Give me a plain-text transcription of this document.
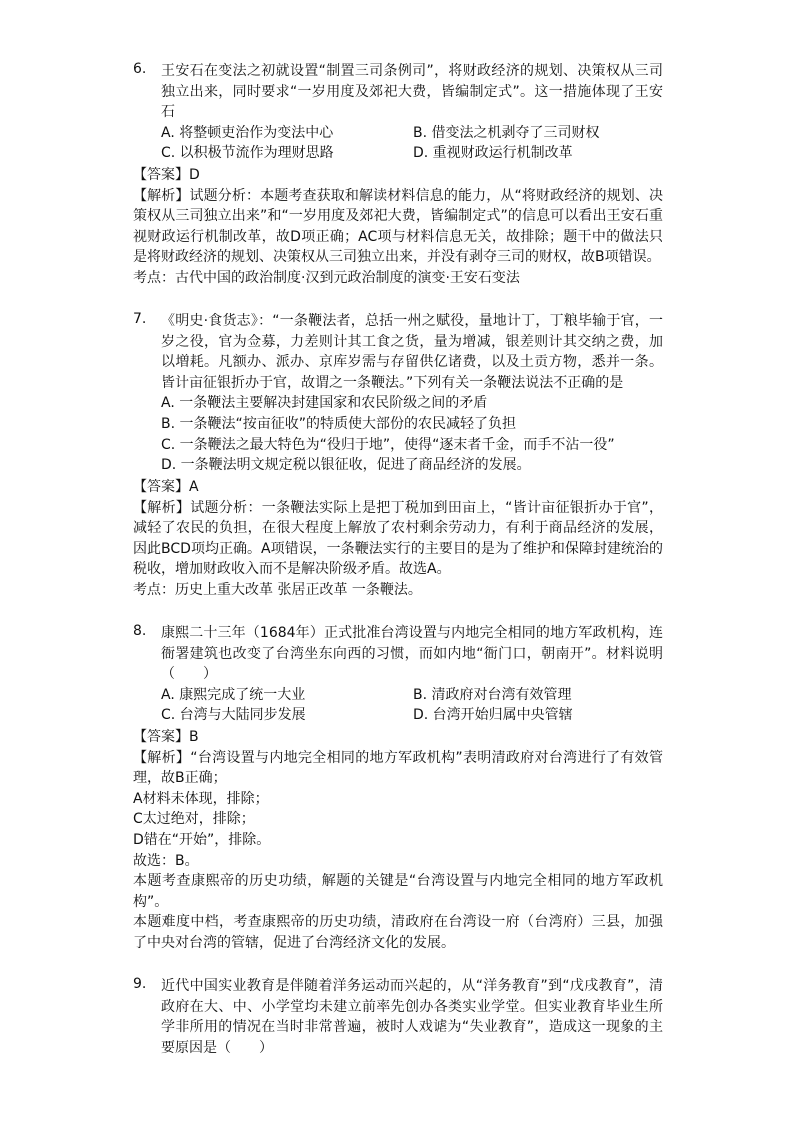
6. 王安石在变法之初就设置“制置三司条例司”，将财政经济的规划、决策权从三司独立出来，同时要求“一岁用度及郊祀大费，皆编制定式”。这一措施体现了王安石
A. 将整顿吏治作为变法中心	B. 借变法之机剥夺了三司财权
C. 以积极节流作为理财思路	D. 重视财政运行机制改革

【答案】D

【解析】试题分析：本题考查获取和解读材料信息的能力，从“将财政经济的规划、决策权从三司独立出来”和“一岁用度及郊祀大费，皆编制定式”的信息可以看出王安石重视财政运行机制改革，故D项正确；AC项与材料信息无关，故排除；题干中的做法只是将财政经济的规划、决策权从三司独立出来，并没有剥夺三司的财权，故B项错误。

考点：古代中国的政治制度·汉到元政治制度的演变·王安石变法

7. 《明史·食货志》：“一条鞭法者，总括一州之赋役，量地计丁，丁粮毕输于官，一岁之役，官为佥募，力差则计其工食之货，量为增减，银差则计其交纳之费，加以増耗。凡额办、派办、京库岁需与存留供亿诸费，以及土贡方物，悉并一条。皆计亩征银折办于官，故谓之一条鞭法。”下列有关一条鞭法说法不正确的是
A. 一条鞭法主要解决封建国家和农民阶级之间的矛盾
B. 一条鞭法“按亩征收”的特质使大部份的农民减轻了负担
C. 一条鞭法之最大特色为“役归于地”，使得“逐末者千金，而手不沾一役”
D. 一条鞭法明文规定税以银征收，促进了商品经济的发展。

【答案】A

【解析】试题分析：一条鞭法实际上是把丁税加到田亩上，“皆计亩征银折办于官”，减轻了农民的负担，在很大程度上解放了农村剩余劳动力，有利于商品经济的发展，因此BCD项均正确。A项错误，一条鞭法实行的主要目的是为了维护和保障封建统治的税收，增加财政收入而不是解决阶级矛盾。故选A。

考点：历史上重大改革 张居正改革 一条鞭法。

8. 康熙二十三年（1684年）正式批准台湾设置与内地完全相同的地方军政机构，连衙署建筑也改变了台湾坐东向西的习惯，而如内地“衙门口，朝南开”。材料说明（　　）
A. 康熙完成了统一大业	B. 清政府对台湾有效管理
C. 台湾与大陆同步发展	D. 台湾开始归属中央管辖

【答案】B

【解析】“台湾设置与内地完全相同的地方军政机构”表明清政府对台湾进行了有效管理，故B正确；

A材料未体现，排除；

C太过绝对，排除；

D错在“开始”，排除。

故选：B。

本题考查康熙帝的历史功绩，解题的关键是“台湾设置与内地完全相同的地方军政机构”。

本题难度中档，考查康熙帝的历史功绩，清政府在台湾设一府（台湾府）三县，加强了中央对台湾的管辖，促进了台湾经济文化的发展。

9. 近代中国实业教育是伴随着洋务运动而兴起的，从“洋务教育”到“戊戌教育”，清政府在大、中、小学堂均未建立前率先创办各类实业学堂。但实业教育毕业生所学非所用的情况在当时非常普遍，被时人戏谑为“失业教育”，造成这一现象的主要原因是（　　）
